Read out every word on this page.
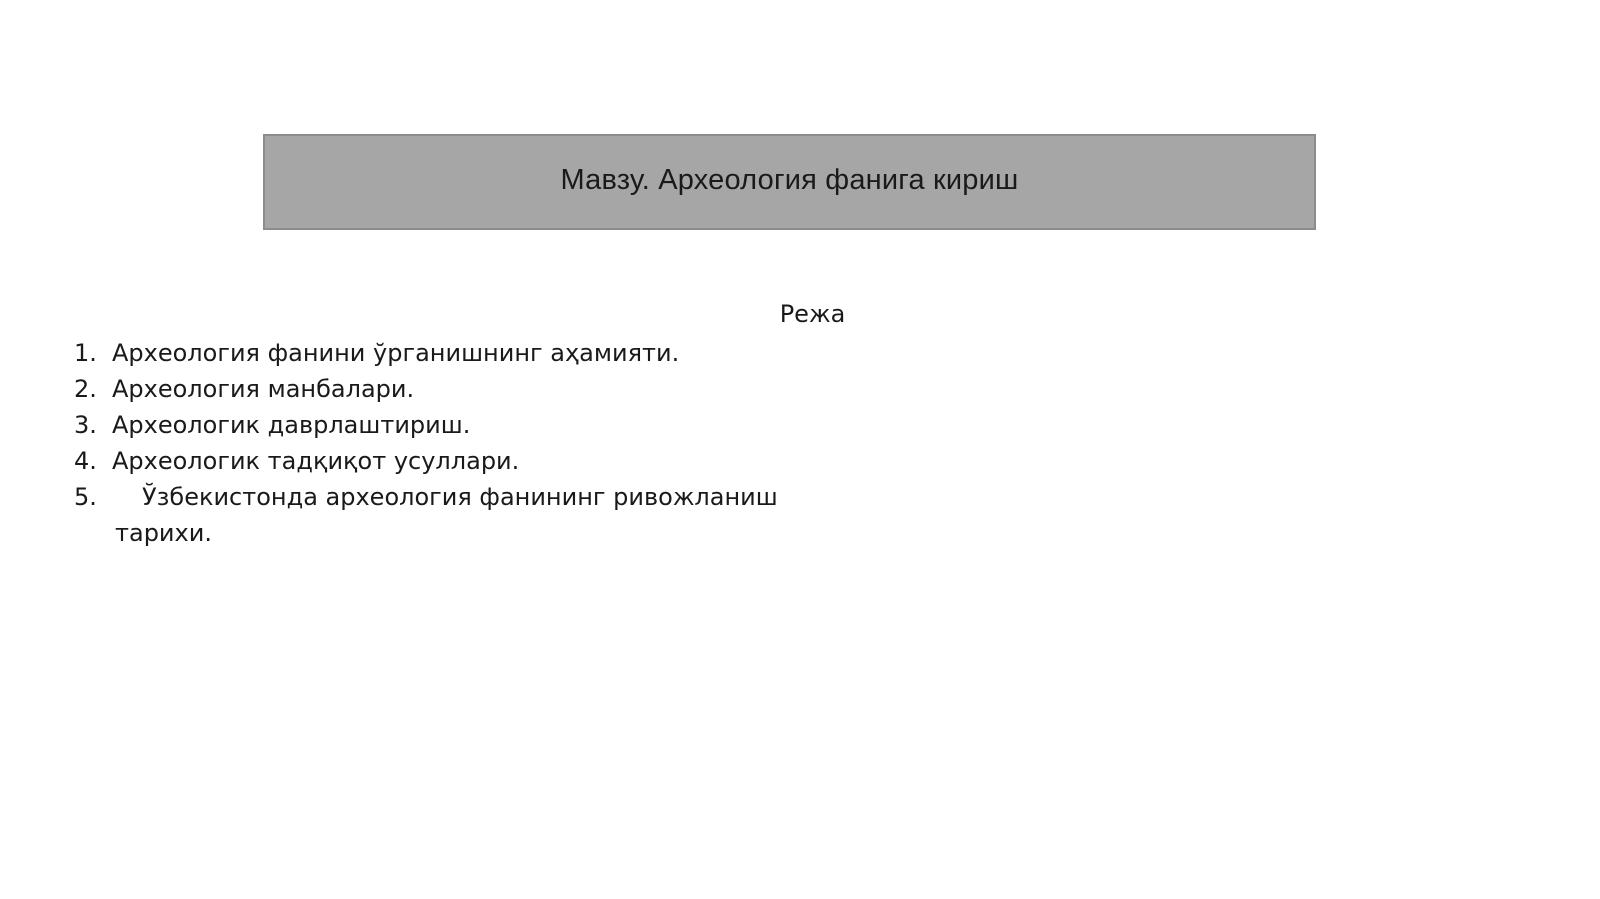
Мавзу. Археология фанига кириш
Режа
1. Археология фанини ўрганишнинг аҳамияти.
2. Археология манбалари.
3. Археологик даврлаштириш.
4. Археологик тадқиқот усуллари.
5. Ўзбекистонда археология фанининг ривожланиш
тарихи.
